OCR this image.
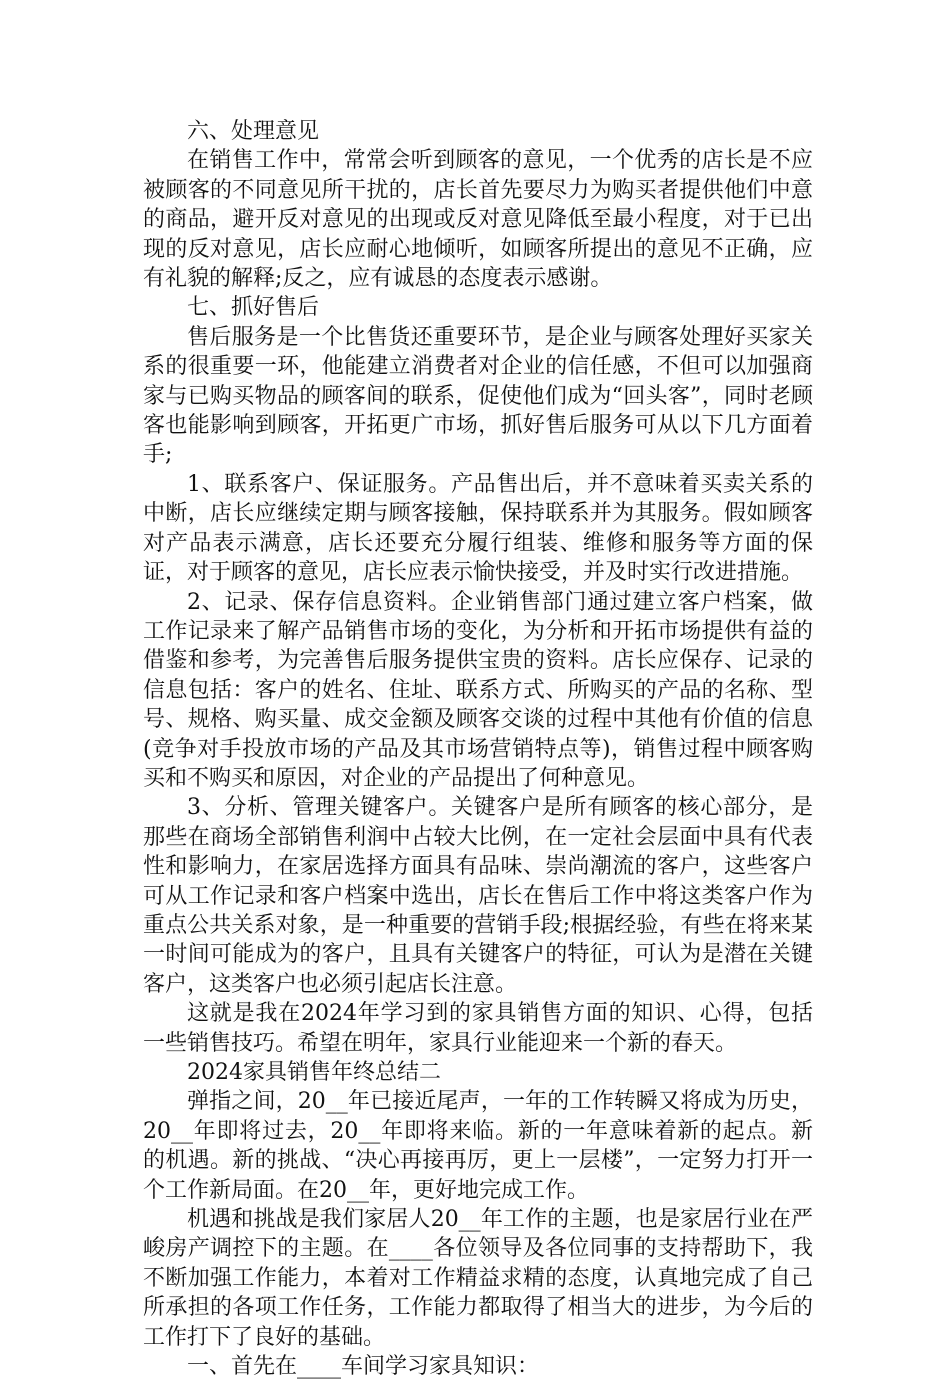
六、处理意见

在销售工作中，常常会听到顾客的意见，一个优秀的店长是不应被顾客的不同意见所干扰的，店长首先要尽力为购买者提供他们中意的商品，避开反对意见的出现或反对意见降低至最小程度，对于已出现的反对意见，店长应耐心地倾听，如顾客所提出的意见不正确，应有礼貌的解释;反之，应有诚恳的态度表示感谢。

七、抓好售后

售后服务是一个比售货还重要环节，是企业与顾客处理好买家关系的很重要一环，他能建立消费者对企业的信任感，不但可以加强商家与已购买物品的顾客间的联系，促使他们成为“回头客”，同时老顾客也能影响到顾客，开拓更广市场，抓好售后服务可从以下几方面着手;

1、联系客户、保证服务。产品售出后，并不意味着买卖关系的中断，店长应继续定期与顾客接触，保持联系并为其服务。假如顾客对产品表示满意，店长还要充分履行组装、维修和服务等方面的保证，对于顾客的意见，店长应表示愉快接受，并及时实行改进措施。

2、记录、保存信息资料。企业销售部门通过建立客户档案，做工作记录来了解产品销售市场的变化，为分析和开拓市场提供有益的借鉴和参考，为完善售后服务提供宝贵的资料。店长应保存、记录的信息包括：客户的姓名、住址、联系方式、所购买的产品的名称、型号、规格、购买量、成交金额及顾客交谈的过程中其他有价值的信息(竞争对手投放市场的产品及其市场营销特点等)，销售过程中顾客购买和不购买和原因，对企业的产品提出了何种意见。

3、分析、管理关键客户。关键客户是所有顾客的核心部分，是那些在商场全部销售利润中占较大比例，在一定社会层面中具有代表性和影响力，在家居选择方面具有品味、崇尚潮流的客户，这些客户可从工作记录和客户档案中选出，店长在售后工作中将这类客户作为重点公共关系对象，是一种重要的营销手段;根据经验，有些在将来某一时间可能成为的客户，且具有关键客户的特征，可认为是潜在关键客户，这类客户也必须引起店长注意。

这就是我在2024年学习到的家具销售方面的知识、心得，包括一些销售技巧。希望在明年，家具行业能迎来一个新的春天。

2024家具销售年终总结二

弹指之间，20__年已接近尾声，一年的工作转瞬又将成为历史，20__年即将过去，20__年即将来临。新的一年意味着新的起点。新的机遇。新的挑战、“决心再接再厉，更上一层楼”，一定努力打开一个工作新局面。在20__年，更好地完成工作。

机遇和挑战是我们家居人20__年工作的主题，也是家居行业在严峻房产调控下的主题。在____各位领导及各位同事的支持帮助下，我不断加强工作能力，本着对工作精益求精的态度，认真地完成了自己所承担的各项工作任务，工作能力都取得了相当大的进步，为今后的工作打下了良好的基础。

一、首先在____车间学习家具知识：
